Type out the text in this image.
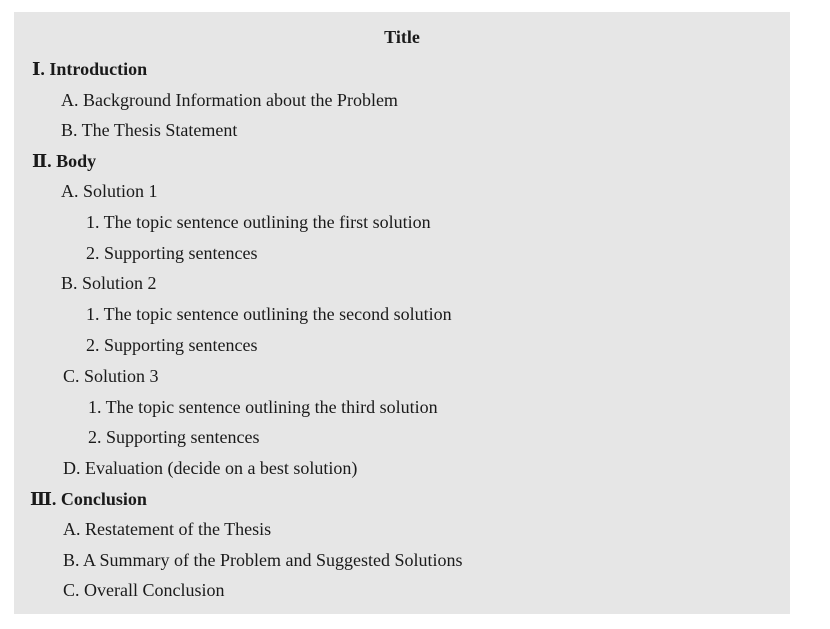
Title
Ⅰ. Introduction
A. Background Information about the Problem
B. The Thesis Statement
Ⅱ. Body
A. Solution 1
1. The topic sentence outlining the first solution
2. Supporting sentences
B. Solution 2
1. The topic sentence outlining the second solution
2. Supporting sentences
C. Solution 3
1. The topic sentence outlining the third solution
2. Supporting sentences
D. Evaluation (decide on a best solution)
Ⅲ. Conclusion
A. Restatement of the Thesis
B. A Summary of the Problem and Suggested Solutions
C. Overall Conclusion
